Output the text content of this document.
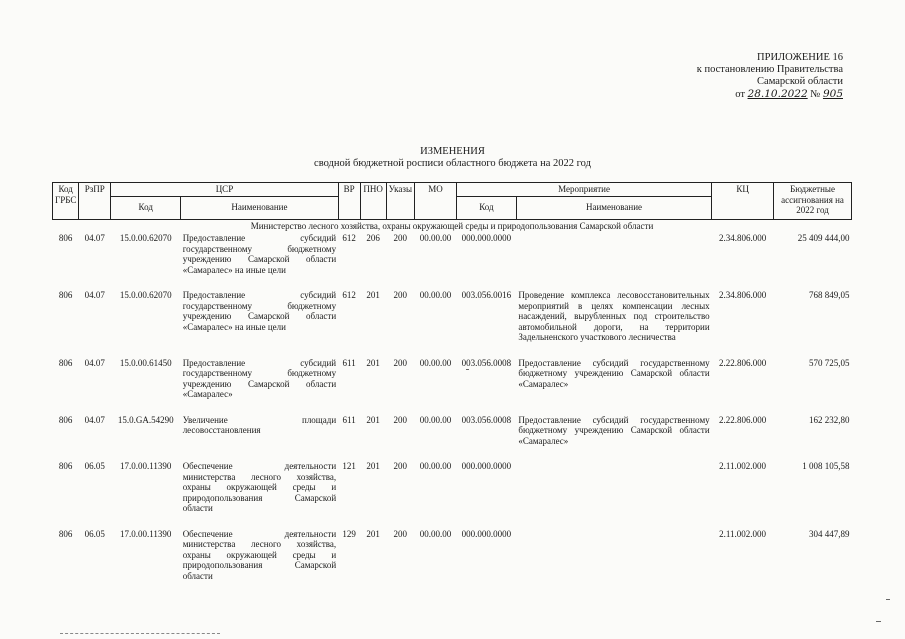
ПРИЛОЖЕНИЕ 16
к постановлению Правительства
Самарской области
от 28.10.2022 № 905
ИЗМЕНЕНИЯ
сводной бюджетной росписи областного бюджета на 2022 год
Код ГРБС	РзПР	ЦСР		ВР	ПНО	Указы	МО	Мероприятие		КЦ	Бюджетные ассигнования на 2022 год
		Код	Наименование					Код	Наименование		
Министерство лесного хозяйства, охраны окружающей среды и природопользования Самарской области											
806	04.07	15.0.00.62070	Предоставление субсидий государственному бюджетному учреждению Самарской области «Самаралес» на иные цели	612	206	200	00.00.00	000.000.0000		2.34.806.000	25 409 444,00
806	04.07	15.0.00.62070	Предоставление субсидий государственному бюджетному учреждению Самарской области «Самаралес» на иные цели	612	201	200	00.00.00	003.056.0016	Проведение комплекса лесовосстановительных мероприятий в целях компенсации лесных насаждений, вырубленных под строительство автомобильной дороги, на территории Задельненского участкового лесничества	2.34.806.000	768 849,05
806	04.07	15.0.00.61450	Предоставление субсидий государственному бюджетному учреждению Самарской области «Самаралес»	611	201	200	00.00.00	003.056.0008	Предоставление субсидий государственному бюджетному учреждению Самарской области «Самаралес»	2.22.806.000	570 725,05
806	04.07	15.0.GA.54290	Увеличение площади лесовосстановления	611	201	200	00.00.00	003.056.0008	Предоставление субсидий государственному бюджетному учреждению Самарской области «Самаралес»	2.22.806.000	162 232,80
806	06.05	17.0.00.11390	Обеспечение деятельности министерства лесного хозяйства, охраны окружающей среды и природопользования Самарской области	121	201	200	00.00.00	000.000.0000		2.11.002.000	1 008 105,58
806	06.05	17.0.00.11390	Обеспечение деятельности министерства лесного хозяйства, охраны окружающей среды и природопользования Самарской области	129	201	200	00.00.00	000.000.0000		2.11.002.000	304 447,89
